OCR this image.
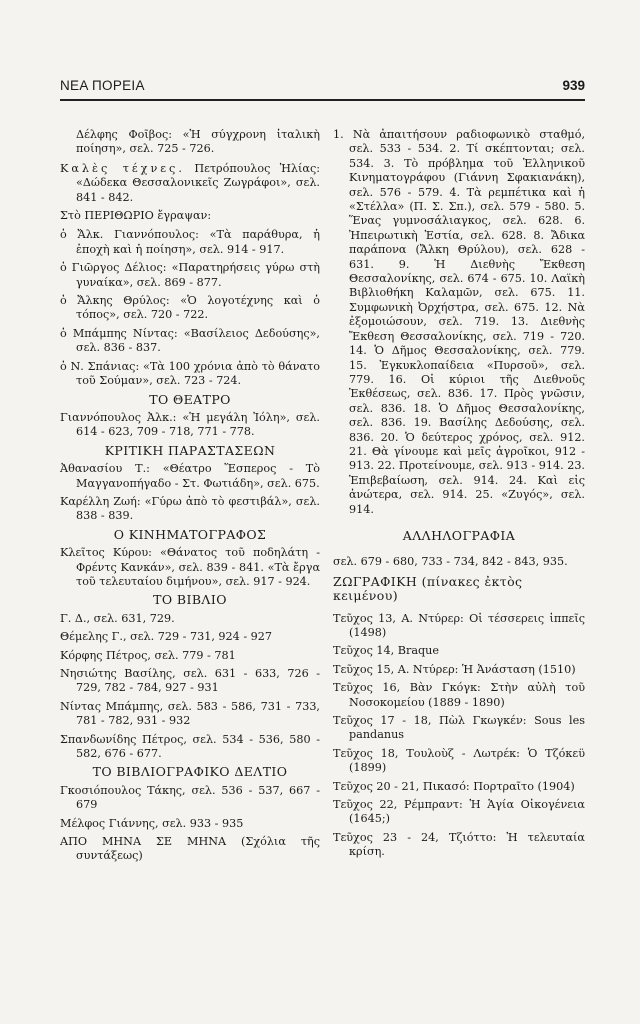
ΝΕΑ ΠΟΡΕΙΑ	939
Δέλφης Φοῖβος: «Ἡ σύγχρονη ἰταλικὴ ποίηση», σελ. 725 - 726.
Καλὲς τέχνες. Πετρόπουλος Ἠλίας: «Δώδεκα Θεσσαλονικεῖς Ζωγράφοι», σελ. 841 - 842.
Στὸ ΠΕΡΙΘΩΡΙΟ ἔγραψαν:
ὁ Ἄλκ. Γιαννόπουλος: «Τὰ παράθυρα, ἡ ἐποχὴ καὶ ἡ ποίηση», σελ. 914 - 917.
ὁ Γιῶργος Δέλιος: «Παρατηρήσεις γύρω στὴ γυναίκα», σελ. 869 - 877.
ὁ Ἄλκης Θρύλος: «Ὁ λογοτέχνης καὶ ὁ τόπος», σελ. 720 - 722.
ὁ Μπάμπης Νίντας: «Βασίλειος Δεδούσης», σελ. 836 - 837.
ὁ Ν. Σπάνιας: «Τὰ 100 χρόνια ἀπὸ τὸ θάνατο τοῦ Σούμαν», σελ. 723 - 724.
ΤΟ ΘΕΑΤΡΟ
Γιαννόπουλος Ἀλκ.: «Ἡ μεγάλη Ἰόλη», σελ. 614 - 623, 709 - 718, 771 - 778.
ΚΡΙΤΙΚΗ ΠΑΡΑΣΤΑΣΕΩΝ
Ἀθανασίου Τ.: «Θέατρο Ἕσπερος - Τὸ Μαγγανοπήγαδο - Στ. Φωτιάδη», σελ. 675.
Καρέλλη Ζωή: «Γύρω ἀπὸ τὸ φεστιβάλ», σελ. 838 - 839.
Ο ΚΙΝΗΜΑΤΟΓΡΑΦΟΣ
Κλεῖτος Κύρου: «Θάνατος τοῦ ποδηλάτη - Φρέντς Κανκάν», σελ. 839 - 841. «Τὰ ἔργα τοῦ τελευταίου διμήνου», σελ. 917 - 924.
ΤΟ ΒΙΒΛΙΟ
Γ. Δ., σελ. 631, 729.
Θέμελης Γ., σελ. 729 - 731, 924 - 927
Κόρφης Πέτρος, σελ. 779 - 781
Νησιώτης Βασίλης, σελ. 631 - 633, 726 - 729, 782 - 784, 927 - 931
Νίντας Μπάμπης, σελ. 583 - 586, 731 - 733, 781 - 782, 931 - 932
Σπανδωνίδης Πέτρος, σελ. 534 - 536, 580 - 582, 676 - 677.
ΤΟ ΒΙΒΛΙΟΓΡΑΦΙΚΟ ΔΕΛΤΙΟ
Γκοσιόπουλος Τάκης, σελ. 536 - 537, 667 - 679
Μέλφος Γιάννης, σελ. 933 - 935
ΑΠΟ ΜΗΝΑ ΣΕ ΜΗΝΑ (Σχόλια τῆς συντάξεως)
1. Νὰ ἀπαιτήσουν ραδιοφωνικὸ σταθμό, σελ. 533 - 534. 2. Τί σκέπτονται; σελ. 534. 3. Τὸ πρόβλημα τοῦ Ἑλληνικοῦ Κινηματογράφου (Γιάννη Σφακιανάκη), σελ. 576 - 579. 4. Τὰ ρεμπέτικα καὶ ἡ «Στέλλα» (Π. Σ. Σπ.), σελ. 579 - 580. 5. Ἕνας γυμνοσάλιαγκος, σελ. 628. 6. Ἠπειρωτικὴ Ἑστία, σελ. 628. 8. Ἄδικα παράπονα (Ἄλκη Θρύλου), σελ. 628 - 631. 9. Ἡ Διεθνὴς Ἔκθεση Θεσσαλονίκης, σελ. 674 - 675. 10. Λαϊκὴ Βιβλιοθήκη Καλαμῶν, σελ. 675. 11. Συμφωνικὴ Ὀρχήστρα, σελ. 675. 12. Νὰ ἐξομοιώσουν, σελ. 719. 13. Διεθνὴς Ἔκθεση Θεσσαλονίκης, σελ. 719 - 720. 14. Ὁ Δῆμος Θεσσαλονίκης, σελ. 779. 15. Ἐγκυκλοπαίδεια «Πυρσοῦ», σελ. 779. 16. Οἱ κύριοι τῆς Διεθνοῦς Ἐκθέσεως, σελ. 836. 17. Πρὸς γνῶσιν, σελ. 836. 18. Ὁ Δῆμος Θεσσαλονίκης, σελ. 836. 19. Βασίλης Δεδούσης, σελ. 836. 20. Ὁ δεύτερος χρόνος, σελ. 912. 21. Θὰ γίνουμε καὶ μεῖς ἀγροῖκοι, 912 - 913. 22. Προτείνουμε, σελ. 913 - 914. 23. Ἐπιβεβαίωση, σελ. 914. 24. Καὶ εἰς ἀνώτερα, σελ. 914. 25. «Ζυγός», σελ. 914.
ΑΛΛΗΛΟΓΡΑΦΙΑ
σελ. 679 - 680, 733 - 734, 842 - 843, 935.
ΖΩΓΡΑΦΙΚΗ (πίνακες ἐκτὸς κειμένου)
Τεῦχος 13, Α. Ντύρερ: Οἱ τέσσερεις ἱππεῖς (1498)
Τεῦχος 14, Braque
Τεῦχος 15, Α. Ντύρερ: Ἡ Ἀνάσταση (1510)
Τεῦχος 16, Βὰν Γκόγκ: Στὴν αὐλὴ τοῦ Νοσοκομείου (1889 - 1890)
Τεῦχος 17 - 18, Πὼλ Γκωγκέν: Sous les pandanus
Τεῦχος 18, Τουλοὺζ - Λωτρέκ: Ὁ Τζόκεϋ (1899)
Τεῦχος 20 - 21, Πικασό: Πορτραῖτο (1904)
Τεῦχος 22, Ρέμπραντ: Ἡ Ἁγία Οἰκογένεια (1645;)
Τεῦχος 23 - 24, Τζιόττο: Ἡ τελευταία κρίση.
